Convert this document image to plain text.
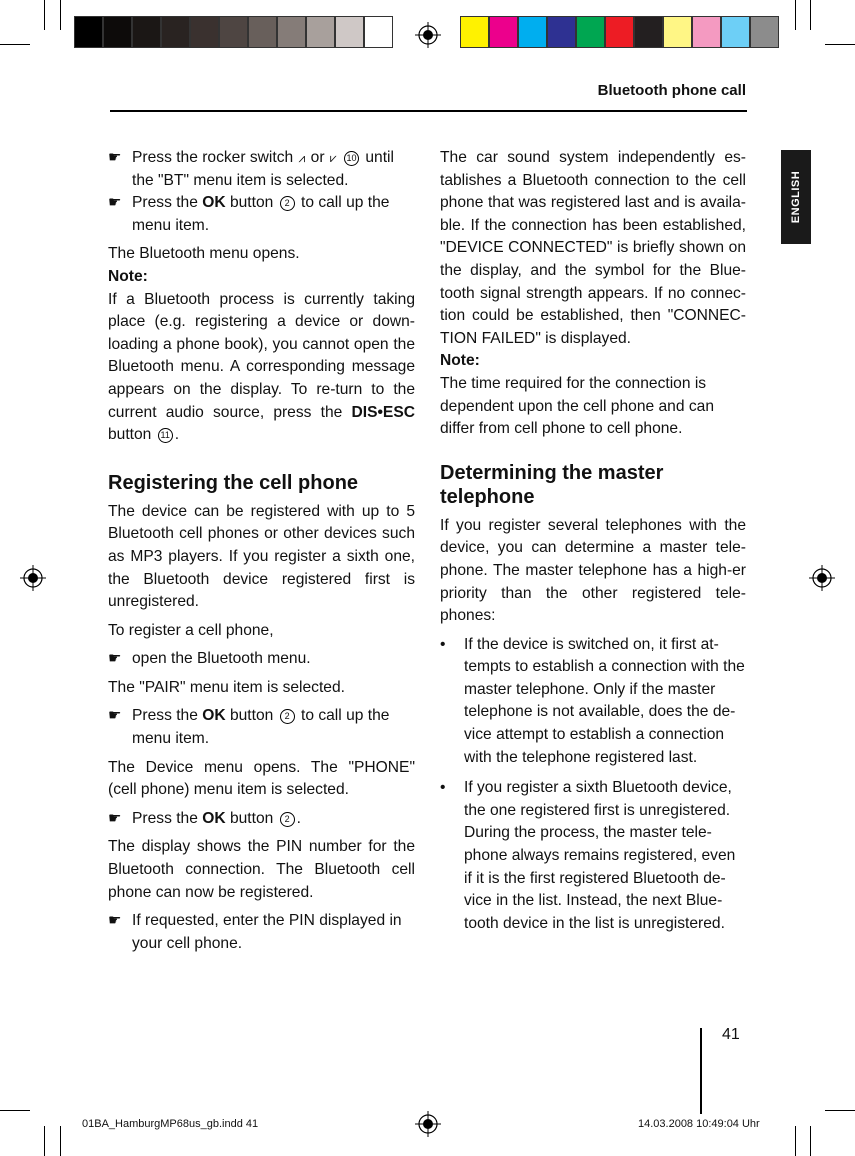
Bluetooth phone call
ENGLISH

☛ Press the rocker switch ⩘ or ⩗ 10 until the "BT" menu item is selected.

☛ Press the OK button 2 to call up the menu item.

The Bluetooth menu opens.

Note:

If a Bluetooth process is currently taking place (e.g. registering a device or down-loading a phone book), you cannot open the Bluetooth menu. A corresponding message appears on the display. To re-turn to the current audio source, press the DIS•ESC button 11 .

Registering the cell phone

The device can be registered with up to 5 Bluetooth cell phones or other devices such as MP3 players. If you register a sixth one, the Bluetooth device registered first is unregistered.

To register a cell phone,

☛ open the Bluetooth menu.

The "PAIR" menu item is selected.

☛ Press the OK button 2 to call up the menu item.

The Device menu opens. The "PHONE" (cell phone) menu item is selected.

☛ Press the OK button 2 .

The display shows the PIN number for the Bluetooth connection. The Bluetooth cell phone can now be registered.

☛ If requested, enter the PIN displayed in your cell phone.

The car sound system independently es-tablishes a Bluetooth connection to the cell phone that was registered last and is availa-ble. If the connection has been established, "DEVICE CONNECTED" is briefly shown on the display, and the symbol for the Blue-tooth signal strength appears. If no connec-tion could be established, then "CONNEC-TION FAILED" is displayed.

Note:

The time required for the connection is dependent upon the cell phone and can differ from cell phone to cell phone.

Determining the master telephone

If you register several telephones with the device, you can determine a master tele-phone. The master telephone has a high-er priority than the other registered tele-phones:

• If the device is switched on, it first at-tempts to establish a connection with the master telephone. Only if the master telephone is not available, does the de-vice attempt to establish a connection with the telephone registered last.

• If you register a sixth Bluetooth device, the one registered first is unregistered. During the process, the master tele-phone always remains registered, even if it is the first registered Bluetooth de-vice in the list. Instead, the next Blue-tooth device in the list is unregistered.

41
01BA_HamburgMP68us_gb.indd 41	14.03.2008 10:49:04 Uhr
